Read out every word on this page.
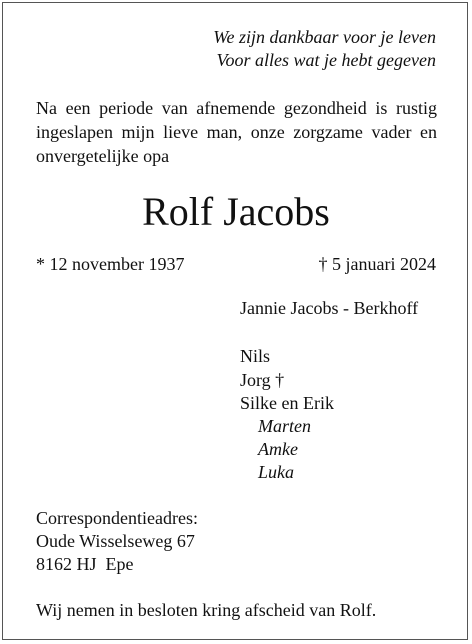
We zijn dankbaar voor je leven
Voor alles wat je hebt gegeven
Na een periode van afnemende gezondheid is rustig ingeslapen mijn lieve man, onze zorgzame vader en onvergetelijke opa
Rolf Jacobs
* 12 november 1937	† 5 januari 2024
Jannie Jacobs - Berkhoff
Nils
Jorg †
Silke en Erik
Marten
Amke
Luka
Correspondentieadres:
Oude Wisselseweg 67
8162 HJ  Epe
Wij nemen in besloten kring afscheid van Rolf.
